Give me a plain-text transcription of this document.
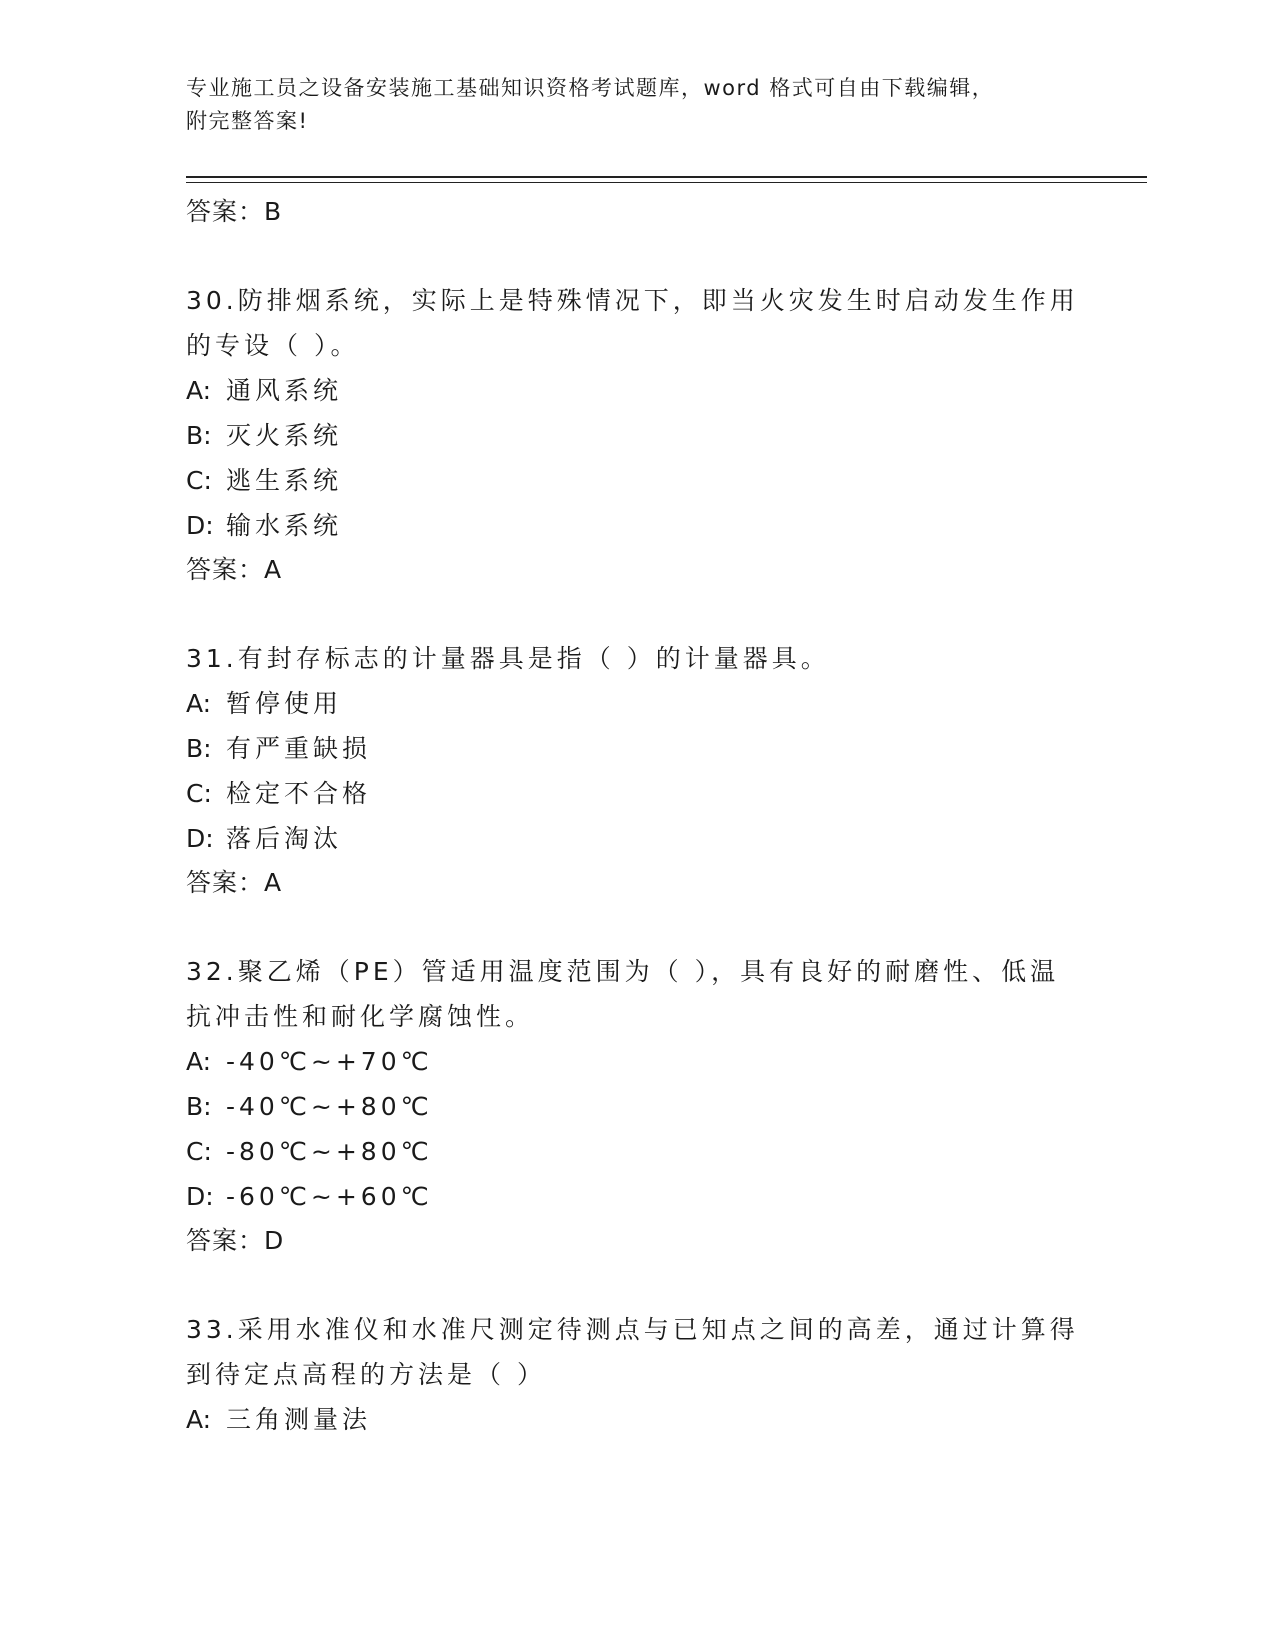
专业施工员之设备安装施工基础知识资格考试题库，word 格式可自由下载编辑，
附完整答案!
答案：B
30.防排烟系统，实际上是特殊情况下，即当火灾发生时启动发生作用
的专设（ ）。
A: 通风系统
B: 灭火系统
C: 逃生系统
D: 输水系统
答案：A
31.有封存标志的计量器具是指（ ）的计量器具。
A: 暂停使用
B: 有严重缺损
C: 检定不合格
D: 落后淘汰
答案：A
32.聚乙烯（PE）管适用温度范围为（ ），具有良好的耐磨性、低温
抗冲击性和耐化学腐蚀性。
A: -40℃~+70℃
B: -40℃~+80℃
C: -80℃~+80℃
D: -60℃~+60℃
答案：D
33.采用水准仪和水准尺测定待测点与已知点之间的高差，通过计算得
到待定点高程的方法是（ ）
A: 三角测量法
